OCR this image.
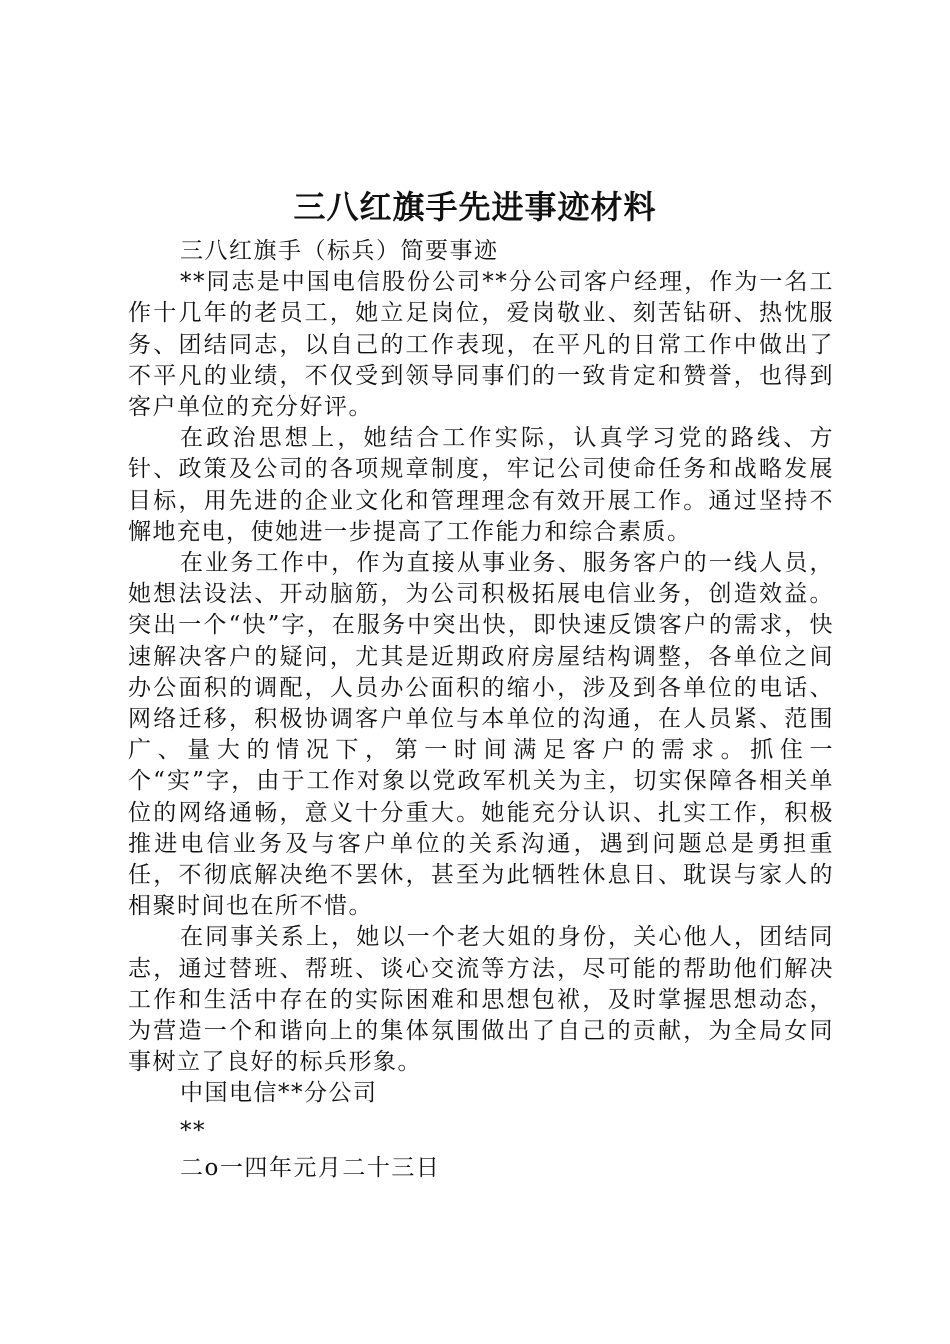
三八红旗手先进事迹材料

三八红旗手（标兵）简要事迹

**同志是中国电信股份公司**分公司客户经理，作为一名工作十几年的老员工，她立足岗位，爱岗敬业、刻苦钻研、热忱服务、团结同志，以自己的工作表现，在平凡的日常工作中做出了不平凡的业绩，不仅受到领导同事们的一致肯定和赞誉，也得到客户单位的充分好评。

在政治思想上，她结合工作实际，认真学习党的路线、方针、政策及公司的各项规章制度，牢记公司使命任务和战略发展目标，用先进的企业文化和管理理念有效开展工作。通过坚持不懈地充电，使她进一步提高了工作能力和综合素质。

在业务工作中，作为直接从事业务、服务客户的一线人员，她想法设法、开动脑筋，为公司积极拓展电信业务，创造效益。突出一个“快”字，在服务中突出快，即快速反馈客户的需求，快速解决客户的疑问，尤其是近期政府房屋结构调整，各单位之间办公面积的调配，人员办公面积的缩小，涉及到各单位的电话、网络迁移，积极协调客户单位与本单位的沟通，在人员紧、范围广、量大的情况下，第一时间满足客户的需求。抓住一个“实”字，由于工作对象以党政军机关为主，切实保障各相关单位的网络通畅，意义十分重大。她能充分认识、扎实工作，积极推进电信业务及与客户单位的关系沟通，遇到问题总是勇担重任，不彻底解决绝不罢休，甚至为此牺牲休息日、耽误与家人的相聚时间也在所不惜。

在同事关系上，她以一个老大姐的身份，关心他人，团结同志，通过替班、帮班、谈心交流等方法，尽可能的帮助他们解决工作和生活中存在的实际困难和思想包袱，及时掌握思想动态，为营造一个和谐向上的集体氛围做出了自己的贡献，为全局女同事树立了良好的标兵形象。

中国电信**分公司

**

二o一四年元月二十三日
